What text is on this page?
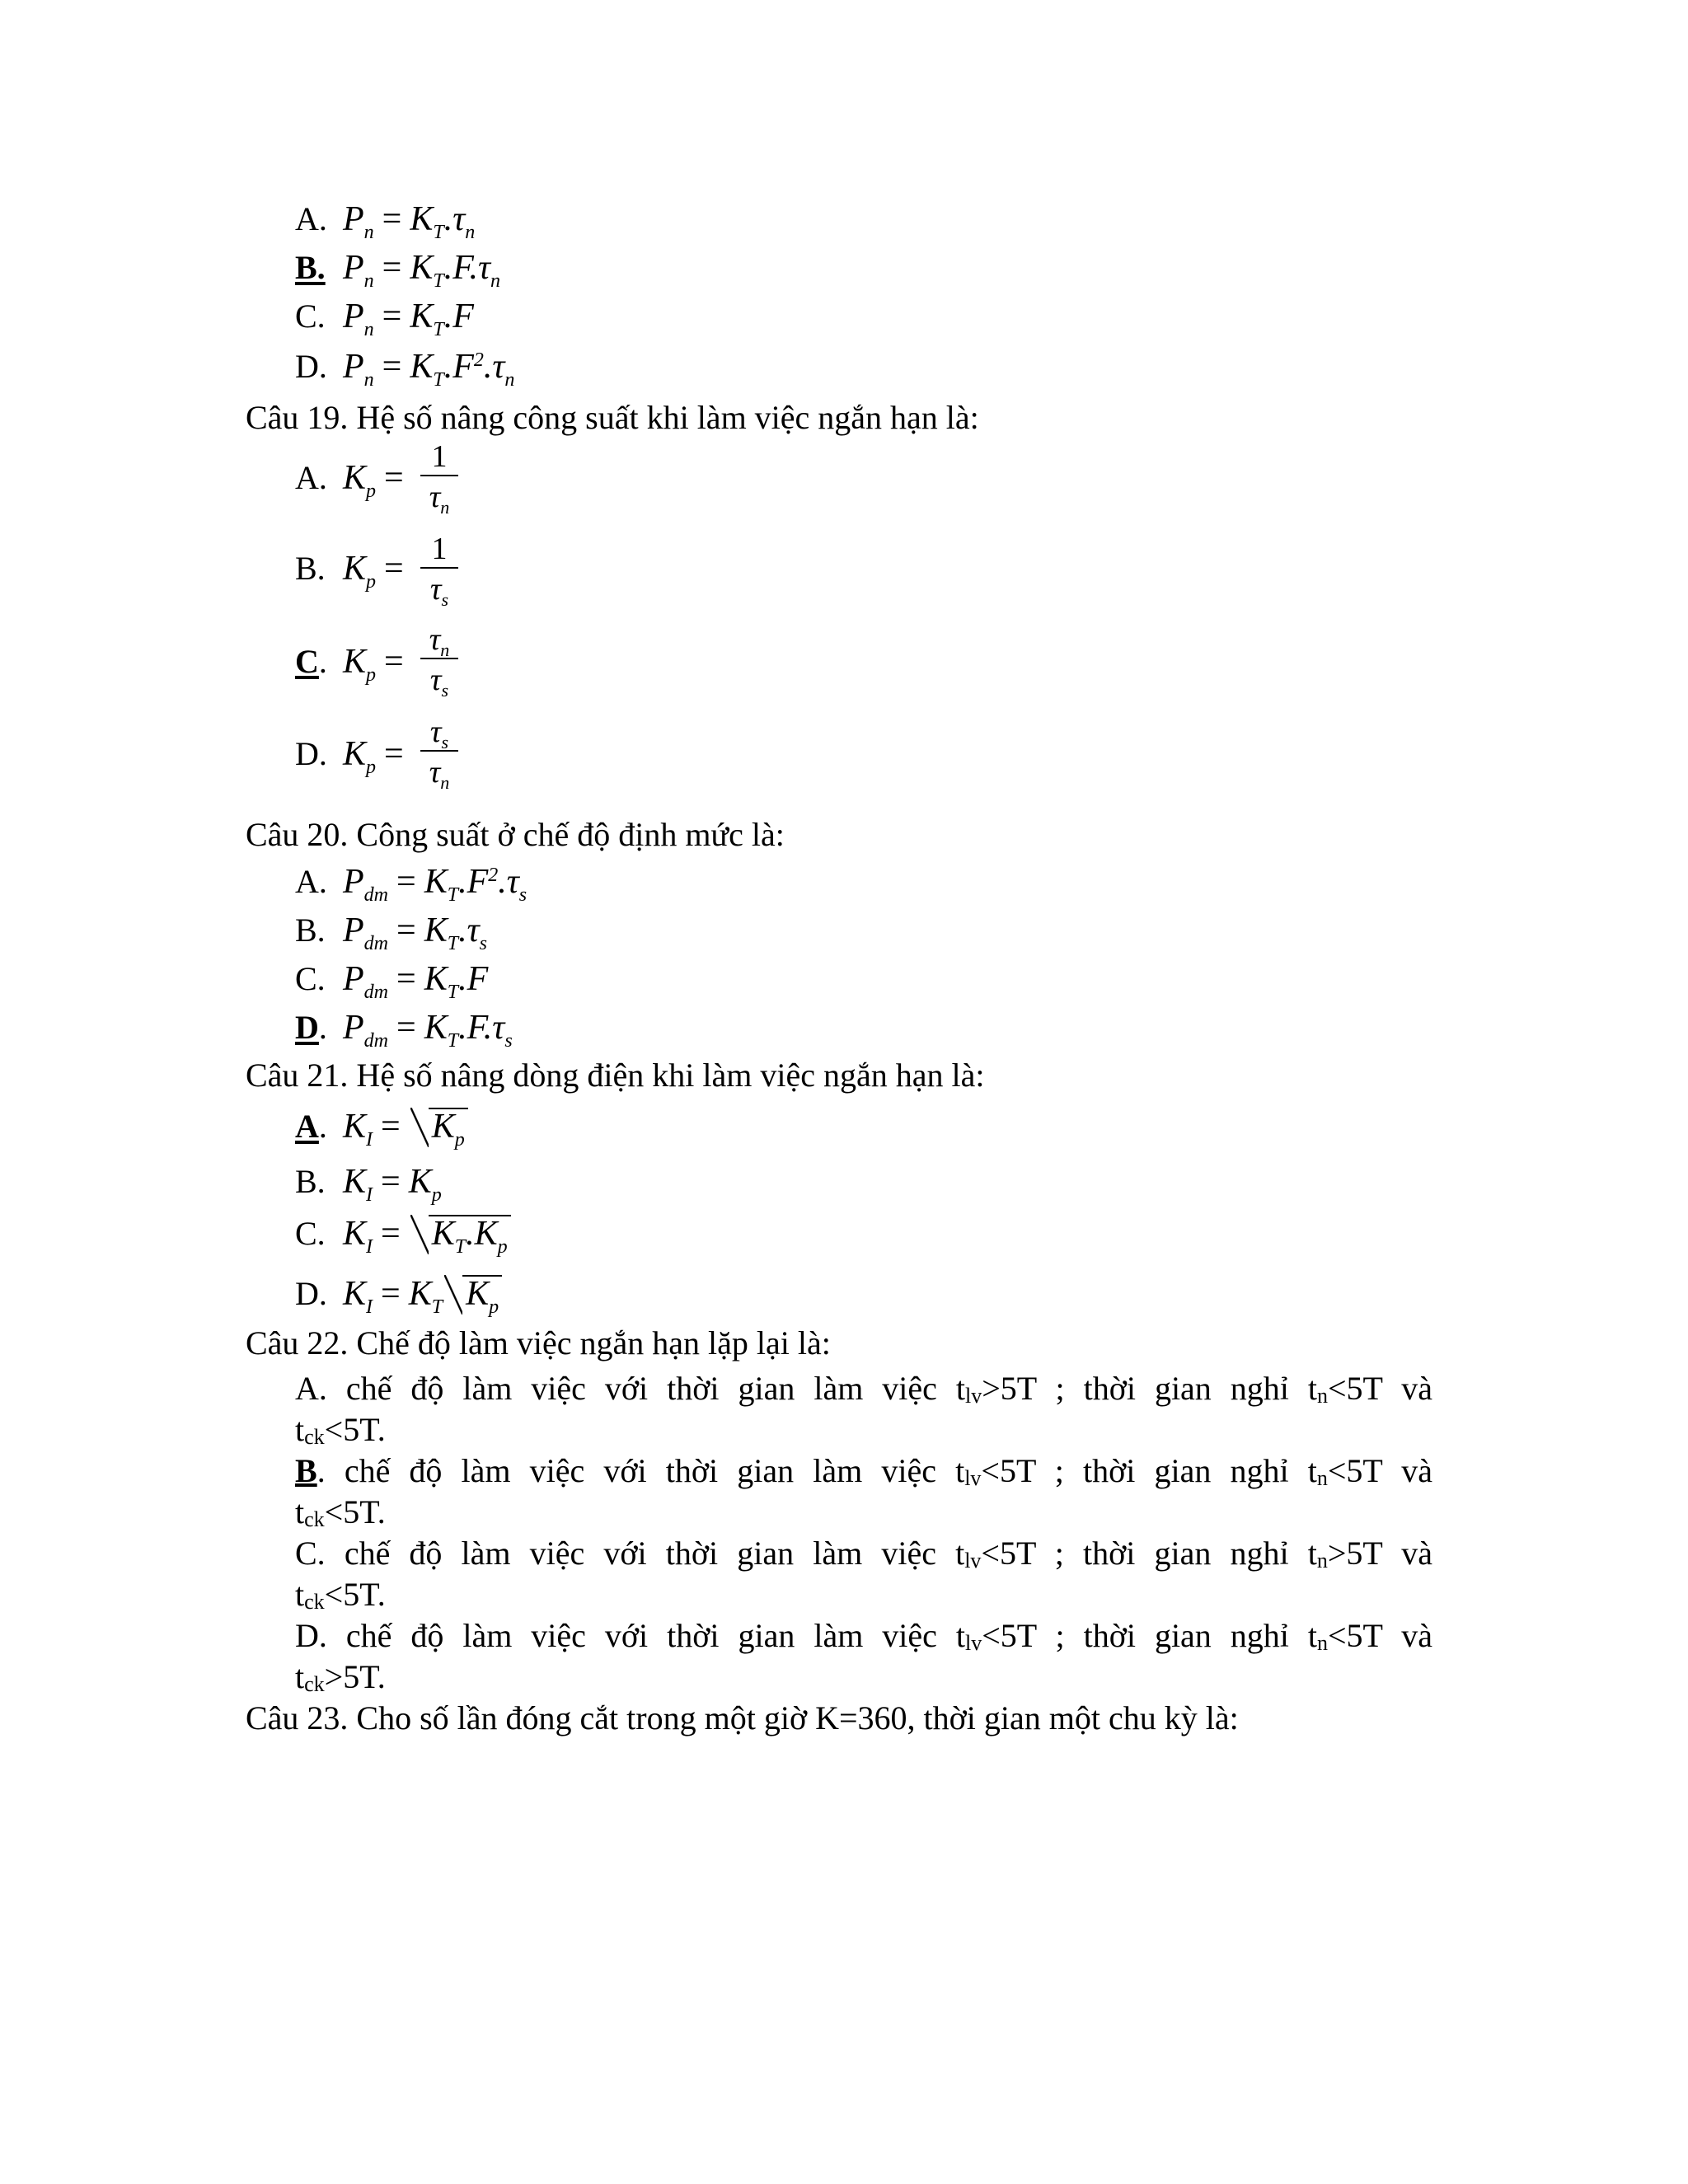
A. $P_n = K_T.\tau_n$
B. $P_n = K_T.F.\tau_n$
C. $P_n = K_T.F$
D. $P_n = K_T.F^2.\tau_n$
Câu 19. Hệ số nâng công suất khi làm việc ngắn hạn là:
A. $K_p = \frac{1}{\tau_n}$
B. $K_p = \frac{1}{\tau_s}$
C. $K_p = \frac{\tau_n}{\tau_s}$
D. $K_p = \frac{\tau_s}{\tau_n}$
Câu 20. Công suất ở chế độ định mức là:
A. $P_{dm} = K_T.F^2.\tau_s$
B. $P_{dm} = K_T.\tau_s$
C. $P_{dm} = K_T.F$
D. $P_{dm} = K_T.F.\tau_s$
Câu 21. Hệ số nâng dòng điện khi làm việc ngắn hạn là:
A. $K_I = K_p$
B. $K_I = K_p$
C. $K_I = K_T.K_p$
D. $K_I = K_T$ $K_p$
Câu 22. Chế độ làm việc ngắn hạn lặp lại là:
A. chế độ làm việc với thời gian làm việc tlv>5T ; thời gian nghỉ tn<5T và
tck<5T.
B. chế độ làm việc với thời gian làm việc tlv<5T ; thời gian nghỉ tn<5T và
tck<5T.
C. chế độ làm việc với thời gian làm việc tlv<5T ; thời gian nghỉ tn>5T và
tck<5T.
D. chế độ làm việc với thời gian làm việc tlv<5T ; thời gian nghỉ tn<5T và
tck>5T.
Câu 23. Cho số lần đóng cắt trong một giờ K=360, thời gian một chu kỳ là:
